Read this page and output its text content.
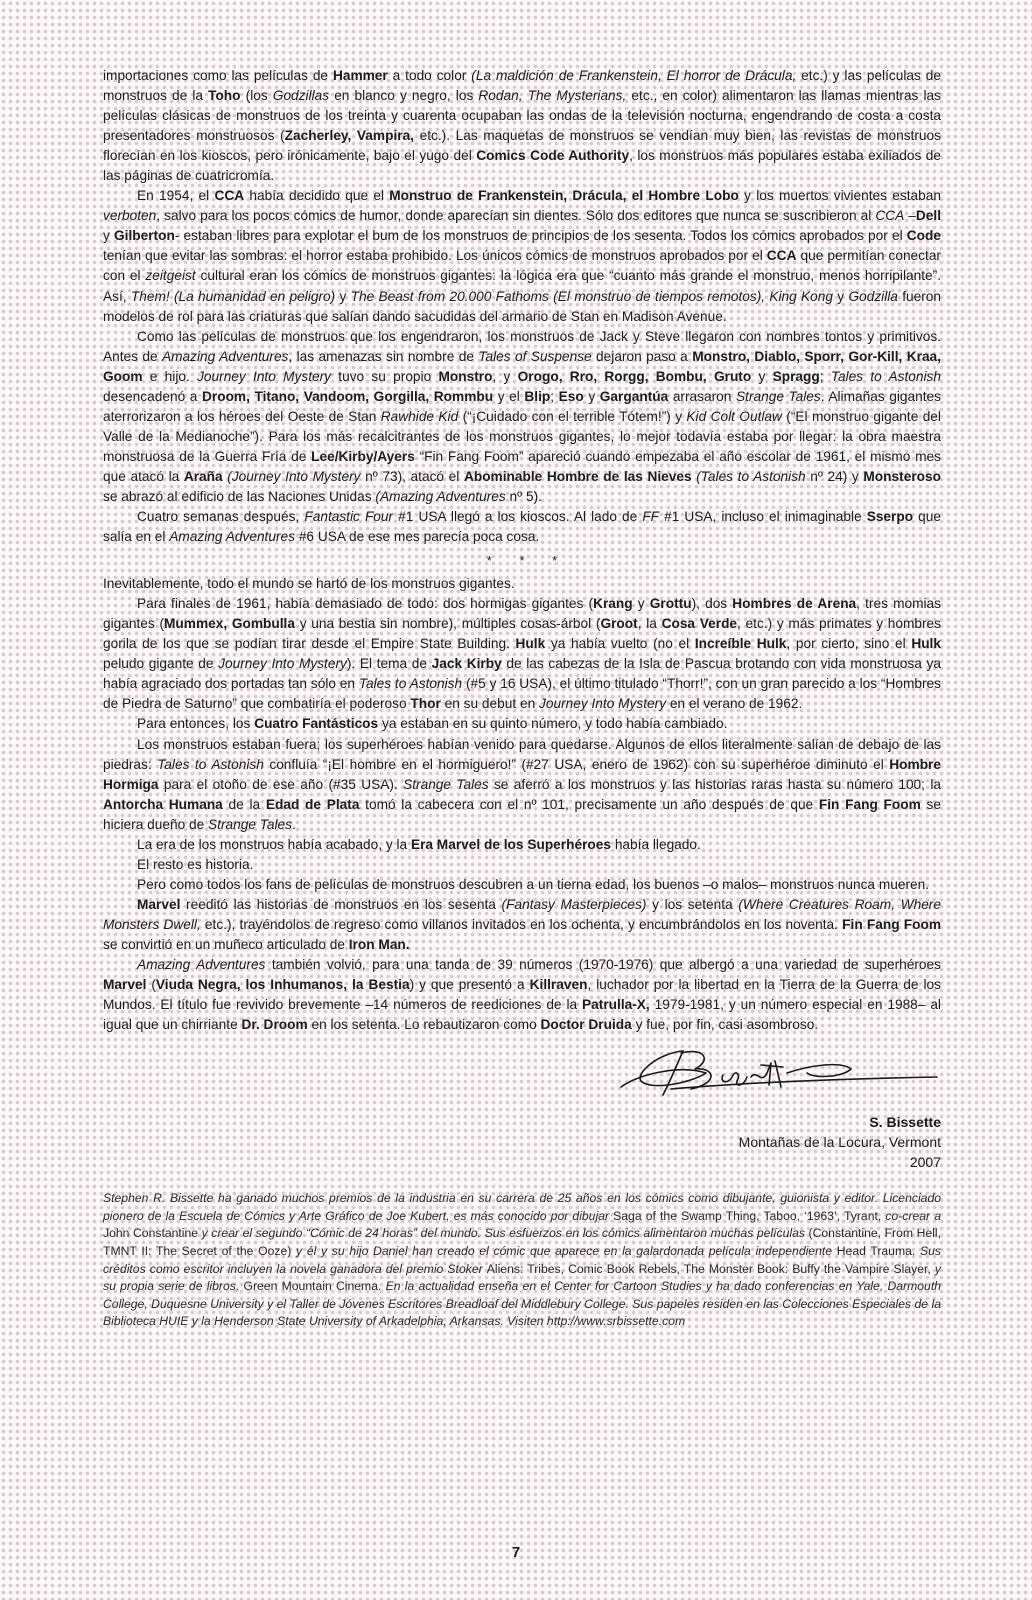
importaciones como las películas de Hammer a todo color (La maldición de Frankenstein, El horror de Drácula, etc.) y las películas de monstruos de la Toho (los Godzillas en blanco y negro, los Rodan, The Mysterians, etc., en color) alimentaron las llamas mientras las películas clásicas de monstruos de los treinta y cuarenta ocupaban las ondas de la televisión nocturna, engendrando de costa a costa presentadores monstruosos (Zacherley, Vampira, etc.). Las maquetas de monstruos se vendían muy bien, las revistas de monstruos florecían en los kioscos, pero irónicamente, bajo el yugo del Comics Code Authority, los monstruos más populares estaba exiliados de las páginas de cuatricromía.

En 1954, el CCA había decidido que el Monstruo de Frankenstein, Drácula, el Hombre Lobo y los muertos vivientes estaban verboten, salvo para los pocos cómics de humor, donde aparecían sin dientes. Sólo dos editores que nunca se suscribieron al CCA –Dell y Gilberton- estaban libres para explotar el bum de los monstruos de principios de los sesenta. Todos los cómics aprobados por el Code tenían que evitar las sombras: el horror estaba prohibido. Los únicos cómics de monstruos aprobados por el CCA que permitían conectar con el zeitgeist cultural eran los cómics de monstruos gigantes: la lógica era que “cuanto más grande el monstruo, menos horripilante”. Así, Them! (La humanidad en peligro) y The Beast from 20.000 Fathoms (El monstruo de tiempos remotos), King Kong y Godzilla fueron modelos de rol para las criaturas que salían dando sacudidas del armario de Stan en Madison Avenue.

Como las películas de monstruos que los engendraron, los monstruos de Jack y Steve llegaron con nombres tontos y primitivos. Antes de Amazing Adventures, las amenazas sin nombre de Tales of Suspense dejaron paso a Monstro, Diablo, Sporr, Gor-Kill, Kraa, Goom e hijo. Journey Into Mystery tuvo su propio Monstro, y Orogo, Rro, Rorgg, Bombu, Gruto y Spragg; Tales to Astonish desencadenó a Droom, Titano, Vandoom, Gorgilla, Rommbu y el Blip; Eso y Gargantúa arrasaron Strange Tales. Alimañas gigantes aterrorizaron a los héroes del Oeste de Stan Rawhide Kid (“¡Cuidado con el terrible Tótem!”) y Kid Colt Outlaw (“El monstruo gigante del Valle de la Medianoche”). Para los más recalcitrantes de los monstruos gigantes, lo mejor todavía estaba por llegar: la obra maestra monstruosa de la Guerra Fría de Lee/Kirby/Ayers “Fin Fang Foom” apareció cuando empezaba el año escolar de 1961, el mismo mes que atacó la Araña (Journey Into Mystery nº 73), atacó el Abominable Hombre de las Nieves (Tales to Astonish nº 24) y Monsteroso se abrazó al edificio de las Naciones Unidas (Amazing Adventures nº 5).

Cuatro semanas después, Fantastic Four #1 USA llegó a los kioscos. Al lado de FF #1 USA, incluso el inimaginable Sserpo que salía en el Amazing Adventures #6 USA de ese mes parecía poca cosa.

* * *

Inevitablemente, todo el mundo se hartó de los monstruos gigantes.

Para finales de 1961, había demasiado de todo: dos hormigas gigantes (Krang y Grottu), dos Hombres de Arena, tres momias gigantes (Mummex, Gombulla y una bestia sin nombre), múltiples cosas-árbol (Groot, la Cosa Verde, etc.) y más primates y hombres gorila de los que se podían tirar desde el Empire State Building. Hulk ya había vuelto (no el Increíble Hulk, por cierto, sino el Hulk peludo gigante de Journey Into Mystery). El tema de Jack Kirby de las cabezas de la Isla de Pascua brotando con vida monstruosa ya había agraciado dos portadas tan sólo en Tales to Astonish (#5 y 16 USA), el último titulado “Thorr!”, con un gran parecido a los “Hombres de Piedra de Saturno” que combatiría el poderoso Thor en su debut en Journey Into Mystery en el verano de 1962.

Para entonces, los Cuatro Fantásticos ya estaban en su quinto número, y todo había cambiado.

Los monstruos estaban fuera; los superhéroes habían venido para quedarse. Algunos de ellos literalmente salían de debajo de las piedras: Tales to Astonish confluía “¡El hombre en el hormiguero!” (#27 USA, enero de 1962) con su superhéroe diminuto el Hombre Hormiga para el otoño de ese año (#35 USA). Strange Tales se aferró a los monstruos y las historias raras hasta su número 100; la Antorcha Humana de la Edad de Plata tomó la cabecera con el nº 101, precisamente un año después de que Fin Fang Foom se hiciera dueño de Strange Tales.

La era de los monstruos había acabado, y la Era Marvel de los Superhéroes había llegado.

El resto es historia.

Pero como todos los fans de películas de monstruos descubren a un tierna edad, los buenos –o malos– monstruos nunca mueren.

Marvel reeditó las historias de monstruos en los sesenta (Fantasy Masterpieces) y los setenta (Where Creatures Roam, Where Monsters Dwell, etc.), trayéndolos de regreso como villanos invitados en los ochenta, y encumbrándolos en los noventa. Fin Fang Foom se convirtió en un muñeco articulado de Iron Man.

Amazing Adventures también volvió, para una tanda de 39 números (1970-1976) que albergó a una variedad de superhéroes Marvel (Viuda Negra, los Inhumanos, la Bestia) y que presentó a Killraven, luchador por la libertad en la Tierra de la Guerra de los Mundos. El título fue revivido brevemente –14 números de reediciones de la Patrulla-X, 1979-1981, y un número especial en 1988– al igual que un chirriante Dr. Droom en los setenta. Lo rebautizaron como Doctor Druida y fue, por fin, casi asombroso.

S. Bissette
Montañas de la Locura, Vermont
2007
Stephen R. Bissette ha ganado muchos premios de la industria en su carrera de 25 años en los cómics como dibujante, guionista y editor. Licenciado pionero de la Escuela de Cómics y Arte Gráfico de Joe Kubert, es más conocido por dibujar Saga of the Swamp Thing, Taboo, ‘1963’, Tyrant, co-crear a John Constantine y crear el segundo “Cómic de 24 horas” del mundo. Sus esfuerzos en los cómics alimentaron muchas películas (Constantine, From Hell, TMNT II: The Secret of the Ooze) y él y su hijo Daniel han creado el cómic que aparece en la galardonada película independiente Head Trauma. Sus créditos como escritor incluyen la novela ganadora del premio Stoker Aliens: Tribes, Comic Book Rebels, The Monster Book: Buffy the Vampire Slayer, y su propia serie de libros, Green Mountain Cinema. En la actualidad enseña en el Center for Cartoon Studies y ha dado conferencias en Yale, Darmouth College, Duquesne University y el Taller de Jóvenes Escritores Breadloaf del Middlebury College. Sus papeles residen en las Colecciones Especiales de la Biblioteca HUIE y la Henderson State University of Arkadelphia, Arkansas. Visiten http://www.srbissette.com
7
